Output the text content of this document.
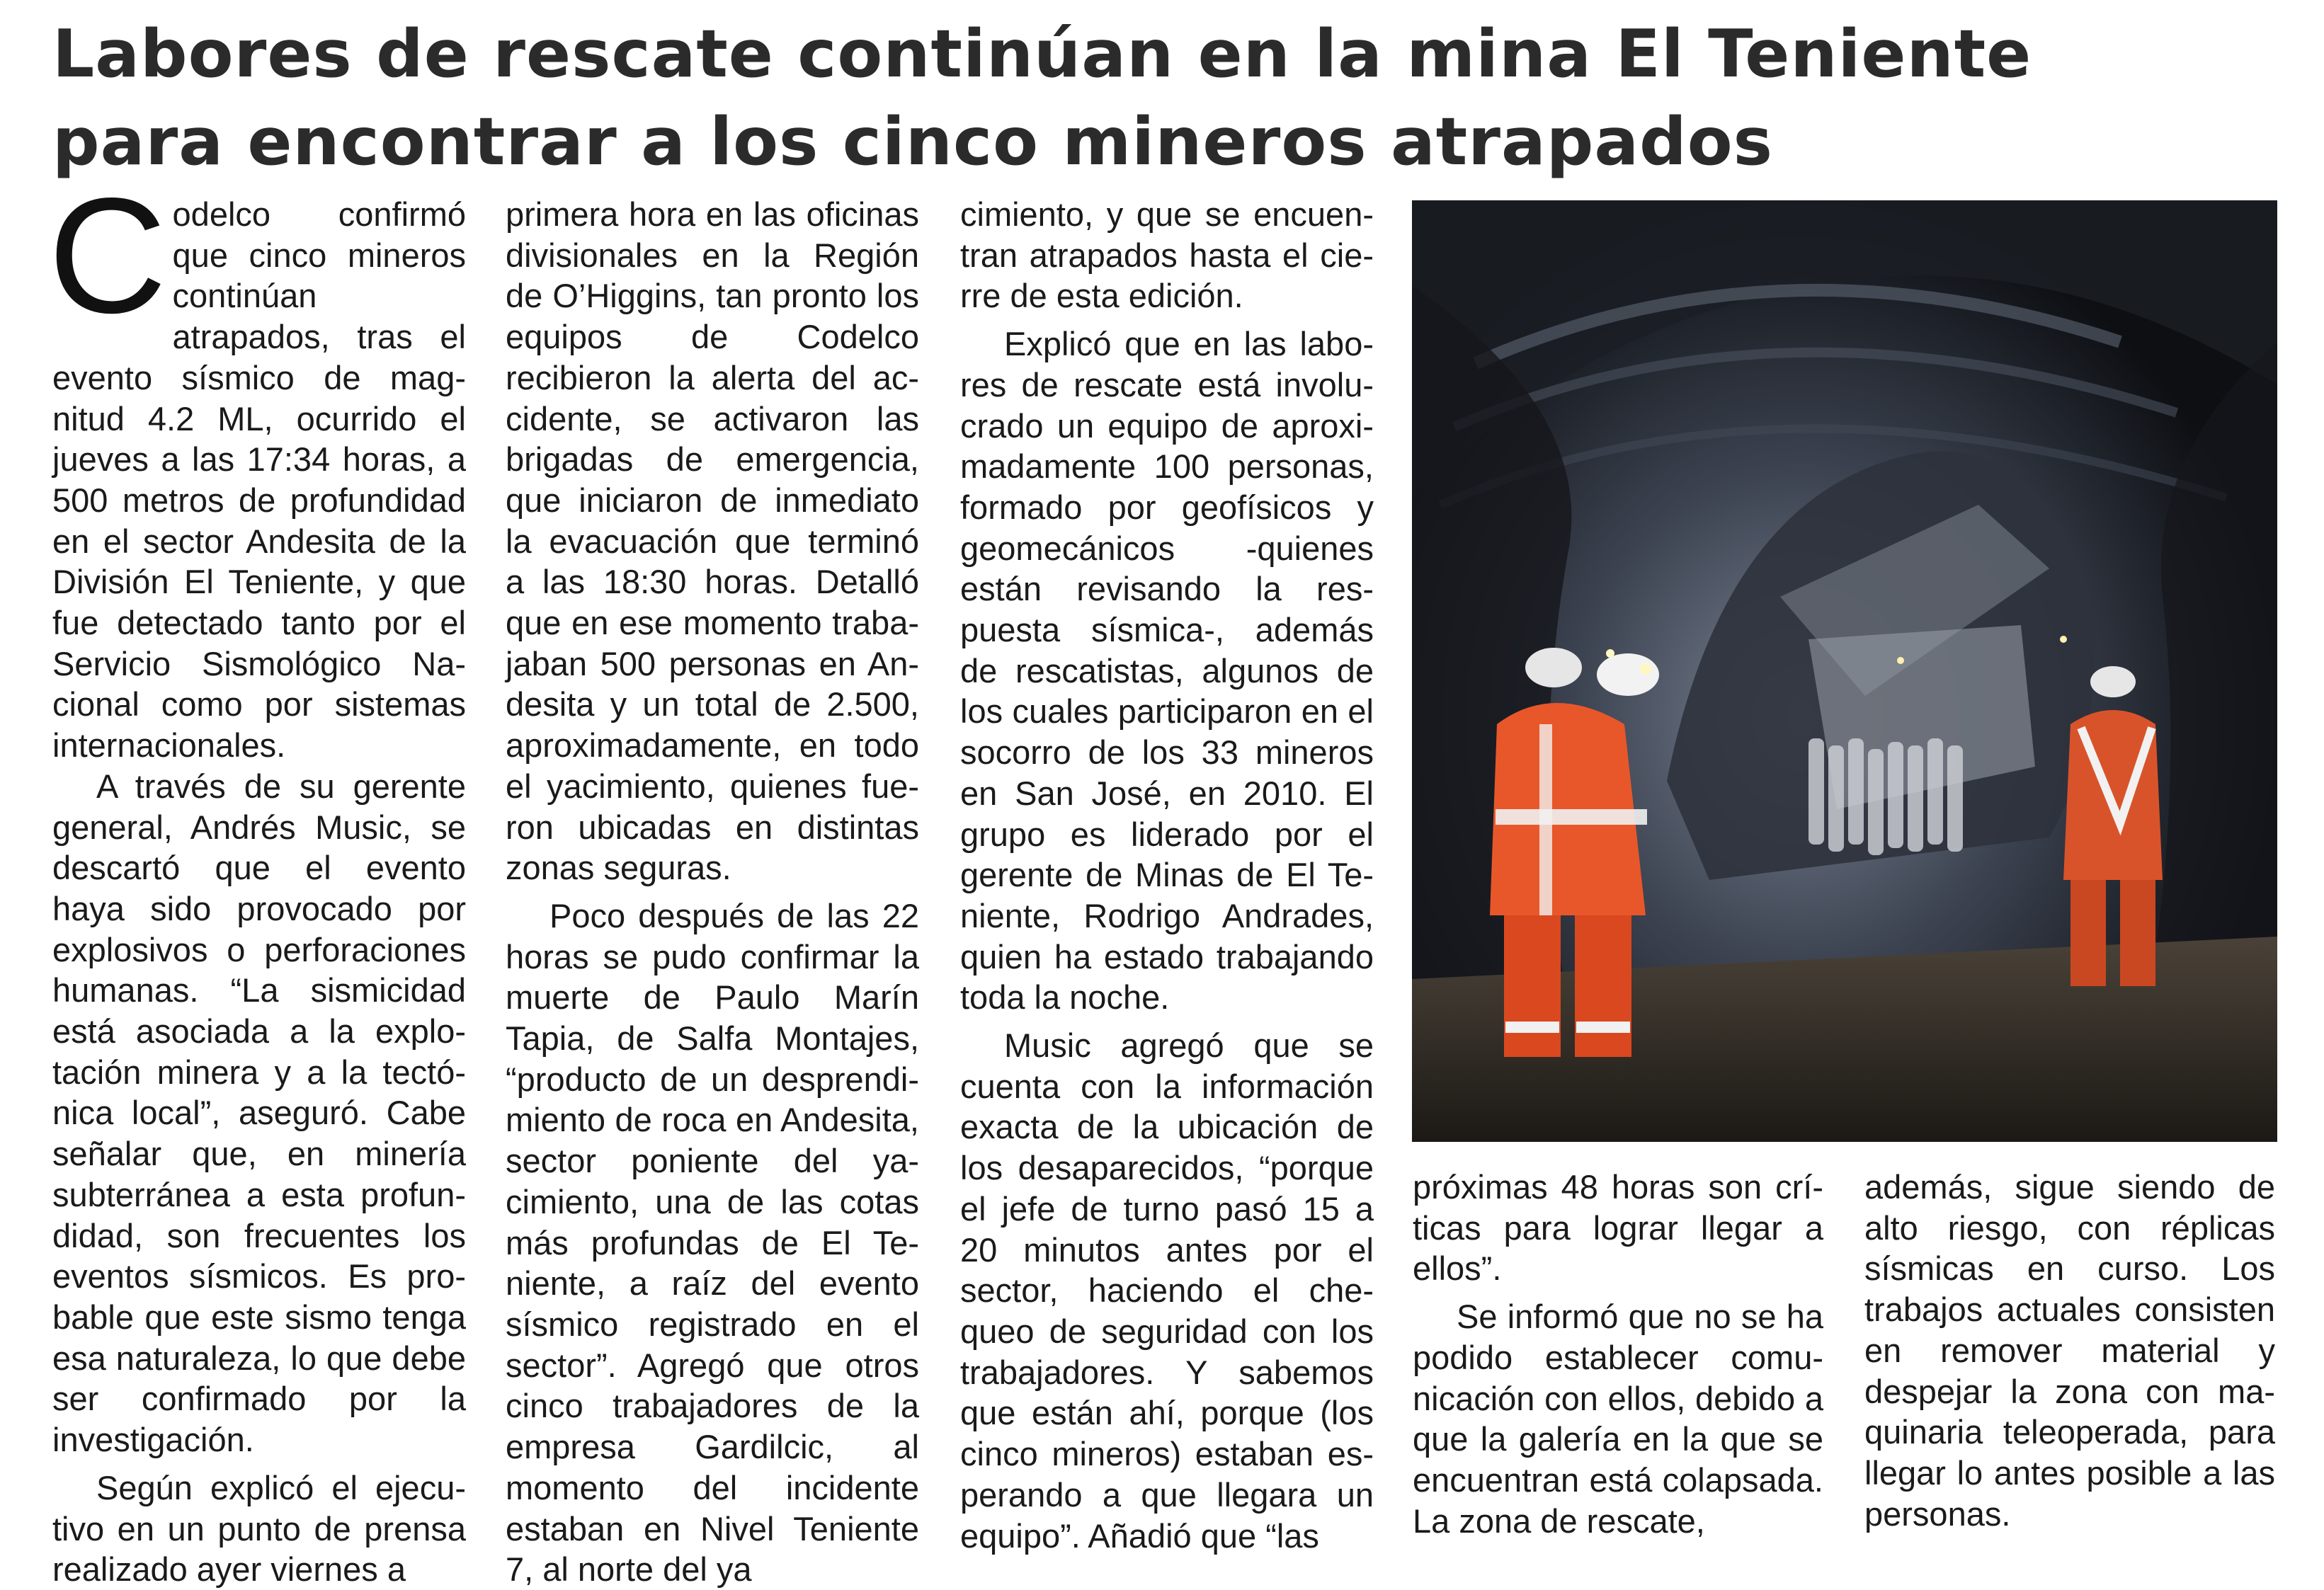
Labores de rescate continúan en la mina El Teniente
para encontrar a los cinco mineros atrapados

Codelco confirmó que cinco mineros continúan atrapados, tras el evento sísmico de magnitud 4.2 ML, ocurrido el jueves a las 17:34 horas, a 500 metros de profundidad en el sector Andesita de la División El Teniente, y que fue detectado tanto por el Servicio Sismológico Nacional como por sistemas internacionales.

A través de su gerente general, Andrés Music, se descartó que el evento haya sido provocado por explosivos o perforaciones humanas. “La sismicidad está asociada a la explotación minera y a la tectónica local”, aseguró. Cabe señalar que, en minería subterránea a esta profundidad, son frecuentes los eventos sísmicos. Es probable que este sismo tenga esa naturaleza, lo que debe ser confirmado por la investigación.

Según explicó el ejecutivo en un punto de prensa realizado ayer viernes a

primera hora en las oficinas divisionales en la Región de O’Higgins, tan pronto los equipos de Codelco recibieron la alerta del accidente, se activaron las brigadas de emergencia, que iniciaron de inmediato la evacuación que terminó a las 18:30 horas. Detalló que en ese momento trabajaban 500 personas en Andesita y un total de 2.500, aproximadamente, en todo el yacimiento, quienes fueron ubicadas en distintas zonas seguras.

Poco después de las 22 horas se pudo confirmar la muerte de Paulo Marín Tapia, de Salfa Montajes, “producto de un desprendimiento de roca en Andesita, sector poniente del yacimiento, una de las cotas más profundas de El Teniente, a raíz del evento sísmico registrado en el sector”. Agregó que otros cinco trabajadores de la empresa Gardilcic, al momento del incidente estaban en Nivel Teniente 7, al norte del ya

cimiento, y que se encuentran atrapados hasta el cierre de esta edición.

Explicó que en las labores de rescate está involucrado un equipo de aproximadamente 100 personas, formado por geofísicos y geomecánicos -quienes están revisando la respuesta sísmica-, además de rescatistas, algunos de los cuales participaron en el socorro de los 33 mineros en San José, en 2010. El grupo es liderado por el gerente de Minas de El Teniente, Rodrigo Andrades, quien ha estado trabajando toda la noche.

Music agregó que se cuenta con la información exacta de la ubicación de los desaparecidos, “porque el jefe de turno pasó 15 a 20 minutos antes por el sector, haciendo el chequeo de seguridad con los trabajadores. Y sabemos que están ahí, porque (los cinco mineros) estaban esperando a que llegara un equipo”. Añadió que “las

próximas 48 horas son críticas para lograr llegar a ellos”.

Se informó que no se ha podido establecer comunicación con ellos, debido a que la galería en la que se encuentran está colapsada. La zona de rescate,

además, sigue siendo de alto riesgo, con réplicas sísmicas en curso. Los trabajos actuales consisten en remover material y despejar la zona con maquinaria teleoperada, para llegar lo antes posible a las personas.
